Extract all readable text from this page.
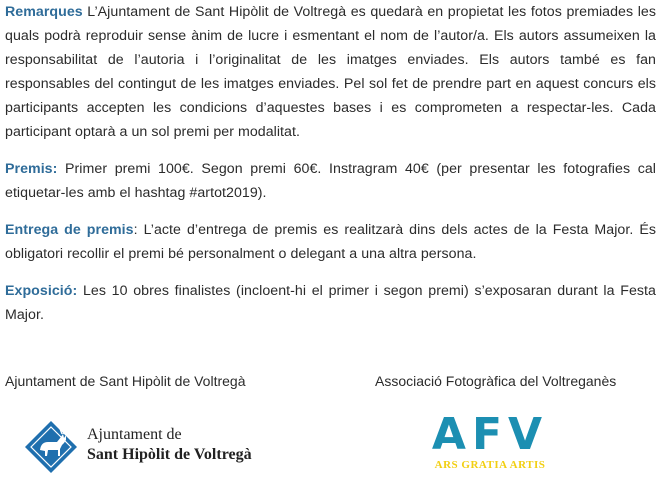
Remarques L’Ajuntament de Sant Hipòlit de Voltregà es quedarà en propietat les fotos premiades les quals podrà reproduir sense ànim de lucre i esmentant el nom de l’autor/a. Els autors assumeixen la responsabilitat de l’autoria i l’originalitat de les imatges enviades. Els autors també es fan responsables del contingut de les imatges enviades. Pel sol fet de prendre part en aquest concurs els participants accepten les condicions d’aquestes bases i es comprometen a respectar-les. Cada participant optarà a un sol premi per modalitat.

Premis: Primer premi 100€. Segon premi 60€. Instragram 40€ (per presentar les fotografies cal etiquetar-les amb el hashtag #artot2019).

Entrega de premis: L’acte d’entrega de premis es realitzarà dins dels actes de la Festa Major. És obligatori recollir el premi bé personalment o delegant a una altra persona.

Exposició: Les 10 obres finalistes (incloent-hi el primer i segon premi) s’exposaran durant la Festa Major.

Ajuntament de Sant Hipòlit de Voltregà	Associació Fotogràfica del Voltreganès
Ajuntament de
Sant Hipòlit de Voltregà	AFV
ARS GRATIA ARTIS
